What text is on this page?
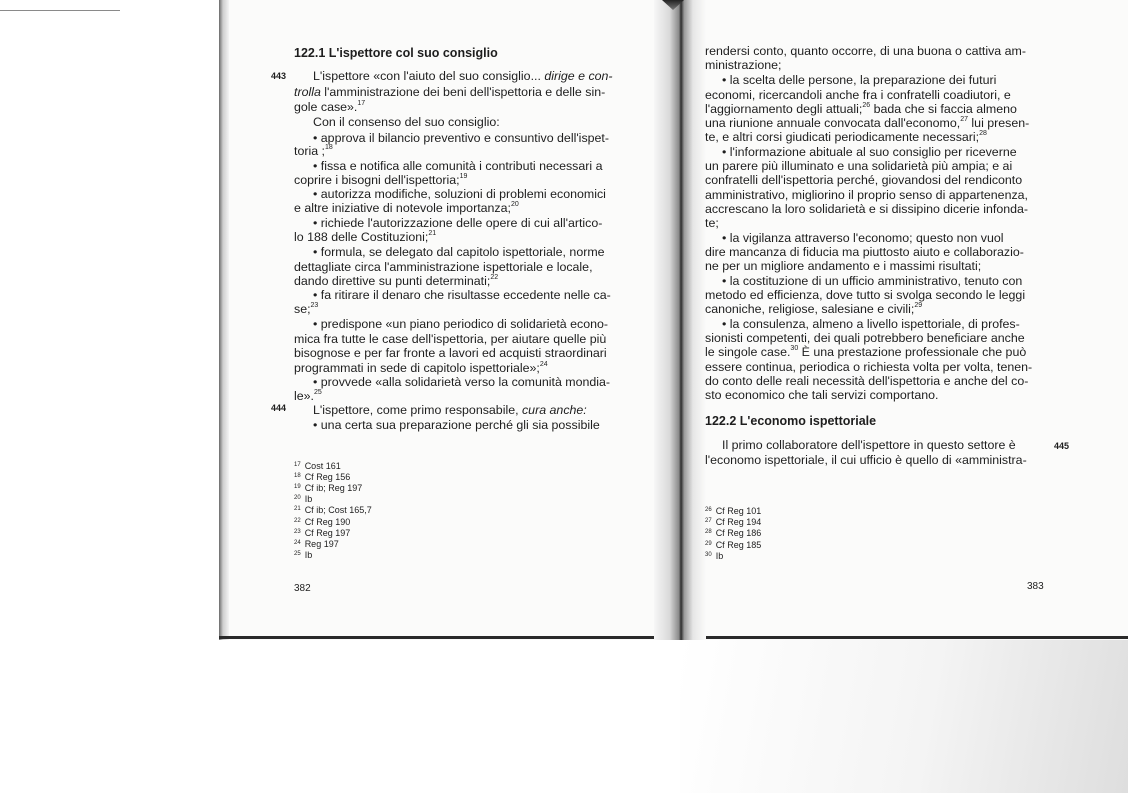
122.1 L'ispettore col suo consiglio
443
444
L'ispettore «con l'aiuto del suo consiglio... dirige e con-
trolla l'amministrazione dei beni dell'ispettoria e delle sin-
gole case».$^{17}$
Con il consenso del suo consiglio:
• approva il bilancio preventivo e consuntivo dell'ispet-
toria ;$^{18}$
• fissa e notifica alle comunità i contributi necessari a
coprire i bisogni dell'ispettoria;$^{19}$
• autorizza modifiche, soluzioni di problemi economici
e altre iniziative di notevole importanza;$^{20}$
• richiede l'autorizzazione delle opere di cui all'artico-
lo 188 delle Costituzioni;$^{21}$
• formula, se delegato dal capitolo ispettoriale, norme
dettagliate circa l'amministrazione ispettoriale e locale,
dando direttive su punti determinati;$^{22}$
• fa ritirare il denaro che risultasse eccedente nelle ca-
se;$^{23}$
• predispone «un piano periodico di solidarietà econo-
mica fra tutte le case dell'ispettoria, per aiutare quelle più
bisognose e per far fronte a lavori ed acquisti straordinari
programmati in sede di capitolo ispettoriale»;$^{24}$
• provvede «alla solidarietà verso la comunità mondia-
le».$^{25}$
L'ispettore, come primo responsabile, cura anche:
• una certa sua preparazione perché gli sia possibile
$^{17}$ Cost 161
$^{18}$ Cf Reg 156
$^{19}$ Cf ib; Reg 197
$^{20}$ Ib
$^{21}$ Cf ib; Cost 165,7
$^{22}$ Cf Reg 190
$^{23}$ Cf Reg 197
$^{24}$ Reg 197
$^{25}$ Ib
382
rendersi conto, quanto occorre, di una buona o cattiva am-
ministrazione;
• la scelta delle persone, la preparazione dei futuri
economi, ricercandoli anche fra i confratelli coadiutori, e
l'aggiornamento degli attuali;$^{26}$ bada che si faccia almeno
una riunione annuale convocata dall'economo,$^{27}$ lui presen-
te, e altri corsi giudicati periodicamente necessari;$^{28}$
• l'informazione abituale al suo consiglio per riceverne
un parere più illuminato e una solidarietà più ampia; e ai
confratelli dell'ispettoria perché, giovandosi del rendiconto
amministrativo, migliorino il proprio senso di appartenenza,
accrescano la loro solidarietà e si dissipino dicerie infonda-
te;
• la vigilanza attraverso l'economo; questo non vuol
dire mancanza di fiducia ma piuttosto aiuto e collaborazio-
ne per un migliore andamento e i massimi risultati;
• la costituzione di un ufficio amministrativo, tenuto con
metodo ed efficienza, dove tutto si svolga secondo le leggi
canoniche, religiose, salesiane e civili;$^{29}$
• la consulenza, almeno a livello ispettoriale, di profes-
sionisti competenti, dei quali potrebbero beneficiare anche
le singole case.$^{30}$ È una prestazione professionale che può
essere continua, periodica o richiesta volta per volta, tenen-
do conto delle reali necessità dell'ispettoria e anche del co-
sto economico che tali servizi comportano.
122.2 L'economo ispettoriale
Il primo collaboratore dell'ispettore in questo settore è	445
l'economo ispettoriale, il cui ufficio è quello di «amministra-
$^{26}$ Cf Reg 101
$^{27}$ Cf Reg 194
$^{28}$ Cf Reg 186
$^{29}$ Cf Reg 185
$^{30}$ Ib
383
